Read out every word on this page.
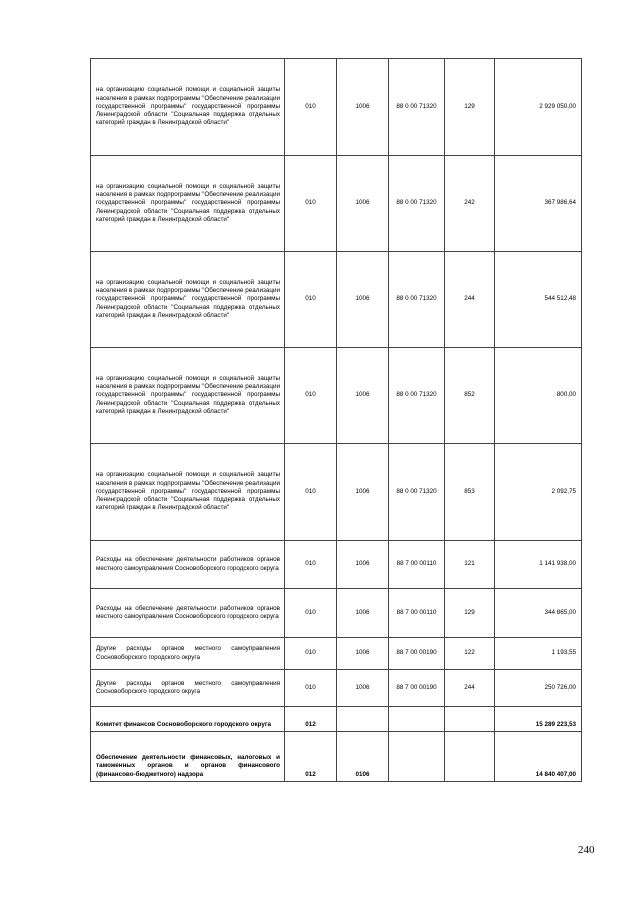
на организацию социальной помощи и социальной защиты населения в рамках подпрограммы "Обеспечение реализации государственной программы" государственной программы Ленинградской области "Социальная поддержка отдельных категорий граждан в Ленинградской области"	010	1006	88 0 00 71320	129	2 929 050,00
на организацию социальной помощи и социальной защиты населения в рамках подпрограммы "Обеспечение реализации государственной программы" государственной программы Ленинградской области "Социальная поддержка отдельных категорий граждан в Ленинградской области"	010	1006	88 0 00 71320	242	367 986,64
на организацию социальной помощи и социальной защиты населения в рамках подпрограммы "Обеспечение реализации государственной программы" государственной программы Ленинградской области "Социальная поддержка отдельных категорий граждан в Ленинградской области"	010	1006	88 0 00 71320	244	544 512,48
на организацию социальной помощи и социальной защиты населения в рамках подпрограммы "Обеспечение реализации государственной программы" государственной программы Ленинградской области "Социальная поддержка отдельных категорий граждан в Ленинградской области"	010	1006	88 0 00 71320	852	800,00
на организацию социальной помощи и социальной защиты населения в рамках подпрограммы "Обеспечение реализации государственной программы" государственной программы Ленинградской области "Социальная поддержка отдельных категорий граждан в Ленинградской области"	010	1006	88 0 00 71320	853	2 092,75
Расходы на обеспечение деятельности работников органов местного самоуправления Сосновоборского городского округа	010	1006	88 7 00 00110	121	1 141 938,00
Расходы на обеспечение деятельности работников органов местного самоуправления Сосновоборского городского округа	010	1006	88 7 00 00110	129	344 865,00
Другие расходы органов местного самоуправления Сосновоборского городского округа	010	1006	88 7 00 00190	122	1 193,55
Другие расходы органов местного самоуправления Сосновоборского городского округа	010	1006	88 7 00 00190	244	250 726,00
Комитет финансов Сосновоборского городского округа	012				15 289 223,53
Обеспечение деятельности финансовых, налоговых и таможенных органов и органов финансового (финансово-бюджетного) надзора	012	0106			14 840 407,00
240
